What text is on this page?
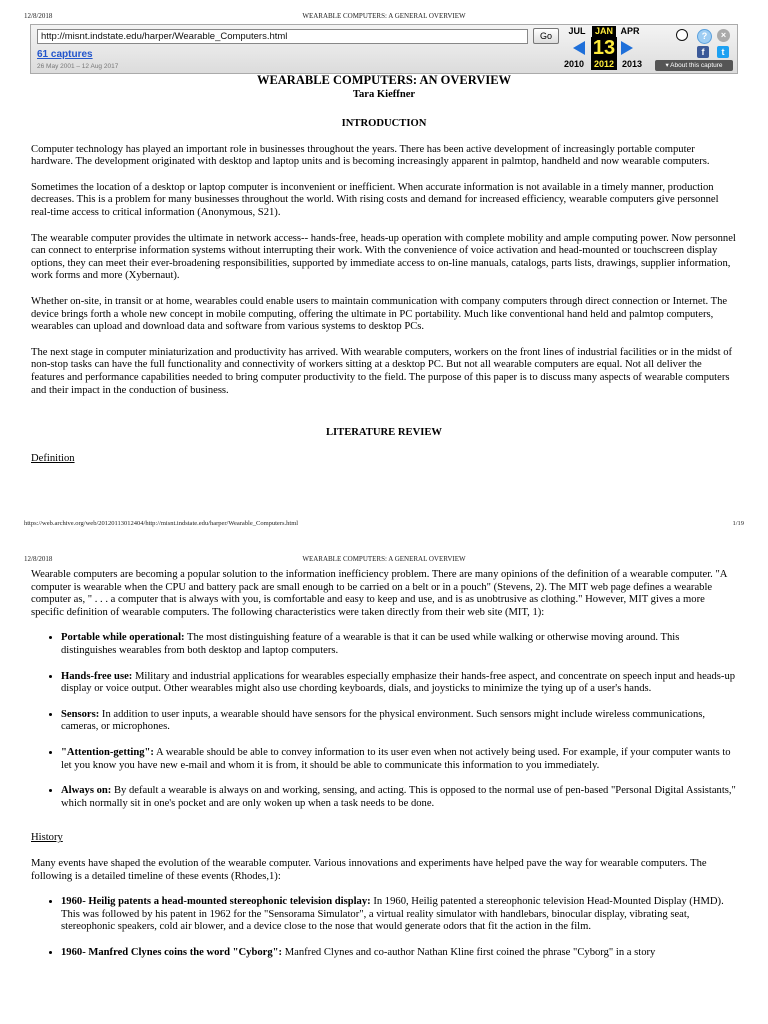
12/8/2018	WEARABLE COMPUTERS: A GENERAL OVERVIEW
http://misnt.indstate.edu/harper/Wearable_Computers.html	Go
61 captures
26 May 2001 – 12 Aug 2017
JUL	JAN APR
13
2010	2012 2013
?	×
f	t
▾ About this capture

WEARABLE COMPUTERS: AN OVERVIEW

Tara Kieffner

INTRODUCTION

Computer technology has played an important role in businesses throughout the years. There has been active development of increasingly portable computer hardware. The development originated with desktop and laptop units and is becoming increasingly apparent in palmtop, handheld and now wearable computers.

Sometimes the location of a desktop or laptop computer is inconvenient or inefficient. When accurate information is not available in a timely manner, production decreases. This is a problem for many businesses throughout the world. With rising costs and demand for increased efficiency, wearable computers give personnel real-time access to critical information (Anonymous, S21).

The wearable computer provides the ultimate in network access-- hands-free, heads-up operation with complete mobility and ample computing power. Now personnel can connect to enterprise information systems without interrupting their work. With the convenience of voice activation and head-mounted or touchscreen display options, they can meet their ever-broadening responsibilities, supported by immediate access to on-line manuals, catalogs, parts lists, drawings, supplier information, work forms and more (Xybernaut).

Whether on-site, in transit or at home, wearables could enable users to maintain communication with company computers through direct connection or Internet. The device brings forth a whole new concept in mobile computing, offering the ultimate in PC portability. Much like conventional hand held and palmtop computers, wearables can upload and download data and software from various systems to desktop PCs.

The next stage in computer miniaturization and productivity has arrived. With wearable computers, workers on the front lines of industrial facilities or in the midst of non-stop tasks can have the full functionality and connectivity of workers sitting at a desktop PC. But not all wearable computers are equal. Not all deliver the features and performance capabilities needed to bring computer productivity to the field. The purpose of this paper is to discuss many aspects of wearable computers and their impact in the conduction of business.

LITERATURE REVIEW

Definition

https://web.archive.org/web/20120113012404/http://misnt.indstate.edu/harper/Wearable_Computers.html	1/19
12/8/2018	WEARABLE COMPUTERS: A GENERAL OVERVIEW

Wearable computers are becoming a popular solution to the information inefficiency problem. There are many opinions of the definition of a wearable computer. "A computer is wearable when the CPU and battery pack are small enough to be carried on a belt or in a pouch" (Stevens, 2). The MIT web page defines a wearable computer as, " . . . a computer that is always with you, is comfortable and easy to keep and use, and is as unobtrusive as clothing." However, MIT gives a more specific definition of wearable computers. The following characteristics were taken directly from their web site (MIT, 1):

• Portable while operational: The most distinguishing feature of a wearable is that it can be used while walking or otherwise moving around. This distinguishes wearables from both desktop and laptop computers.
• Hands-free use: Military and industrial applications for wearables especially emphasize their hands-free aspect, and concentrate on speech input and heads-up display or voice output. Other wearables might also use chording keyboards, dials, and joysticks to minimize the tying up of a user's hands.
• Sensors: In addition to user inputs, a wearable should have sensors for the physical environment. Such sensors might include wireless communications, cameras, or microphones.
• "Attention-getting": A wearable should be able to convey information to its user even when not actively being used. For example, if your computer wants to let you know you have new e-mail and whom it is from, it should be able to communicate this information to you immediately.
• Always on: By default a wearable is always on and working, sensing, and acting. This is opposed to the normal use of pen-based "Personal Digital Assistants," which normally sit in one's pocket and are only woken up when a task needs to be done.

History

Many events have shaped the evolution of the wearable computer. Various innovations and experiments have helped pave the way for wearable computers. The following is a detailed timeline of these events (Rhodes,1):

• 1960- Heilig patents a head-mounted stereophonic television display: In 1960, Heilig patented a stereophonic television Head-Mounted Display (HMD). This was followed by his patent in 1962 for the "Sensorama Simulator", a virtual reality simulator with handlebars, binocular display, vibrating seat, stereophonic speakers, cold air blower, and a device close to the nose that would generate odors that fit the action in the film.
• 1960- Manfred Clynes coins the word "Cyborg": Manfred Clynes and co-author Nathan Kline first coined the phrase "Cyborg" in a story
